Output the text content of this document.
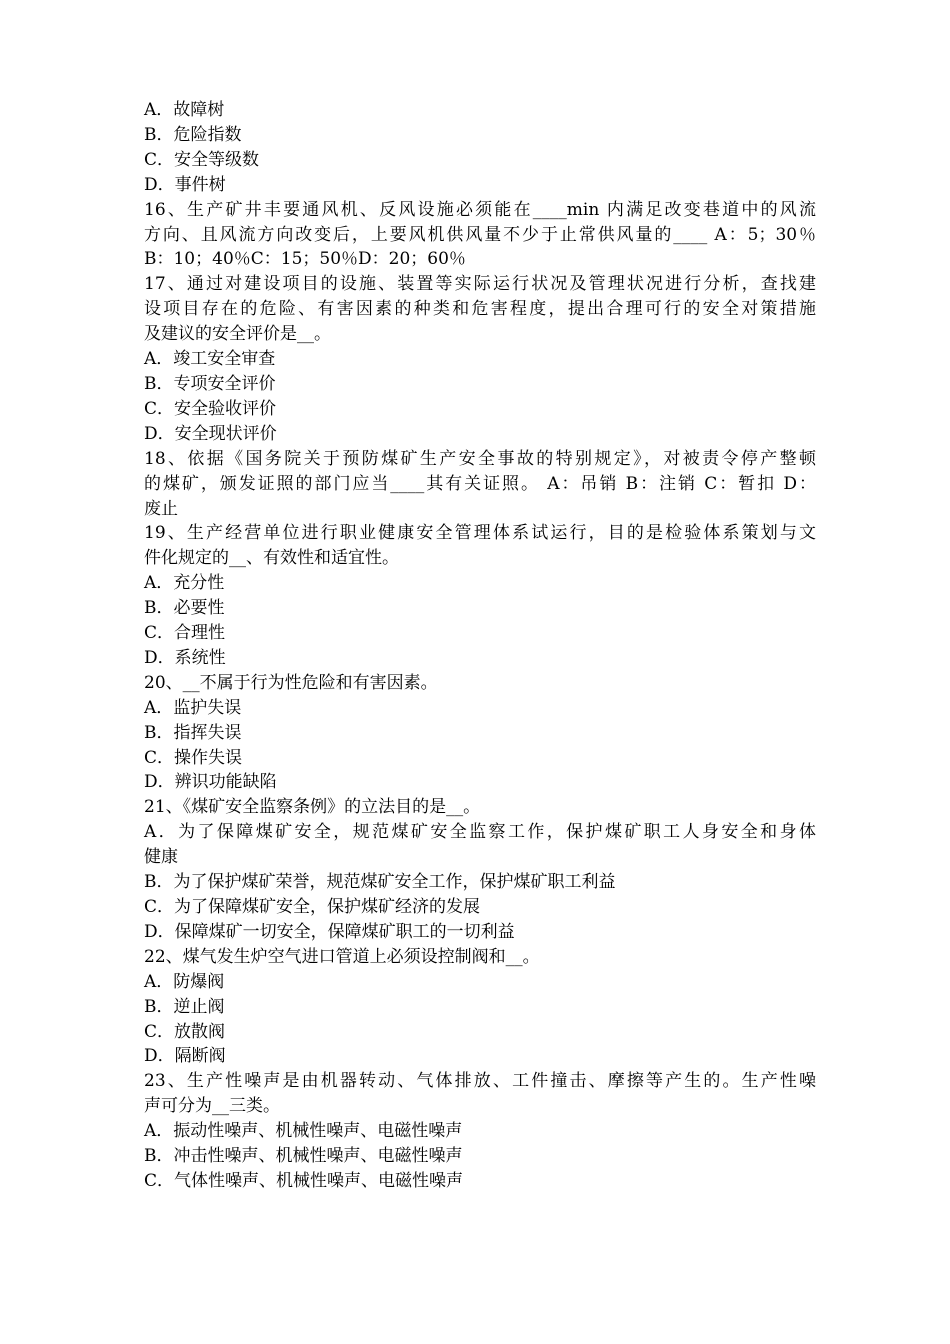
A．故障树

B．危险指数

C．安全等级数

D．事件树

16、生产矿井丰要通风机、反风设施必须能在____min 内满足改变巷道中的风流

方向、且风流方向改变后，上要风机供风量不少于止常供风量的____ A：5；30％

B：10；40％C：15；50％D：20；60％

17、通过对建设项目的设施、装置等实际运行状况及管理状况进行分析，查找建

设项目存在的危险、有害因素的种类和危害程度，提出合理可行的安全对策措施

及建议的安全评价是__。

A．竣工安全审查

B．专项安全评价

C．安全验收评价

D．安全现状评价

18、依据《国务院关于预防煤矿生产安全事故的特别规定》，对被责令停产整顿

的煤矿，颁发证照的部门应当____其有关证照。 A：吊销 B：注销 C：暂扣 D：

废止

19、生产经营单位进行职业健康安全管理体系试运行，目的是检验体系策划与文

件化规定的__、有效性和适宜性。

A．充分性

B．必要性

C．合理性

D．系统性

20、__不属于行为性危险和有害因素。

A．监护失误

B．指挥失误

C．操作失误

D．辨识功能缺陷

21、《煤矿安全监察条例》的立法目的是__。

A．为了保障煤矿安全，规范煤矿安全监察工作，保护煤矿职工人身安全和身体

健康

B．为了保护煤矿荣誉，规范煤矿安全工作，保护煤矿职工利益

C．为了保障煤矿安全，保护煤矿经济的发展

D．保障煤矿一切安全，保障煤矿职工的一切利益

22、煤气发生炉空气进口管道上必须设控制阀和__。

A．防爆阀

B．逆止阀

C．放散阀

D．隔断阀

23、生产性噪声是由机器转动、气体排放、工件撞击、摩擦等产生的。生产性噪

声可分为__三类。

A．振动性噪声、机械性噪声、电磁性噪声

B．冲击性噪声、机械性噪声、电磁性噪声

C．气体性噪声、机械性噪声、电磁性噪声
